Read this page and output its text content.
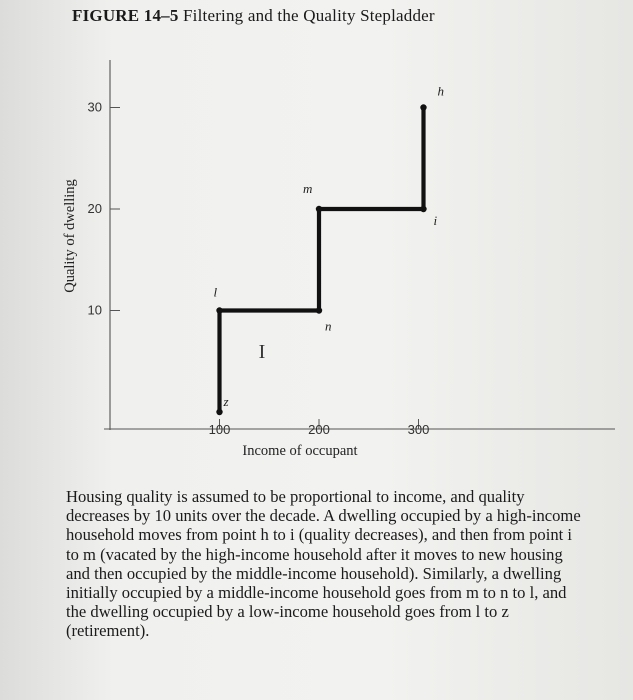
FIGURE 14–5 Filtering and the Quality Stepladder
10
20
30
100	200	300
Income of occupant
Quality of dwelling
h
i
m
n
l
z
I

Housing quality is assumed to be proportional to income, and quality decreases by 10 units over the decade. A dwelling occupied by a high-income household moves from point h to i (quality decreases), and then from point i to m (vacated by the high-income household after it moves to new housing and then occupied by the middle-income household). Similarly, a dwelling initially occupied by a middle-income household goes from m to n to l, and the dwelling occupied by a low-income household goes from l to z (retirement).
